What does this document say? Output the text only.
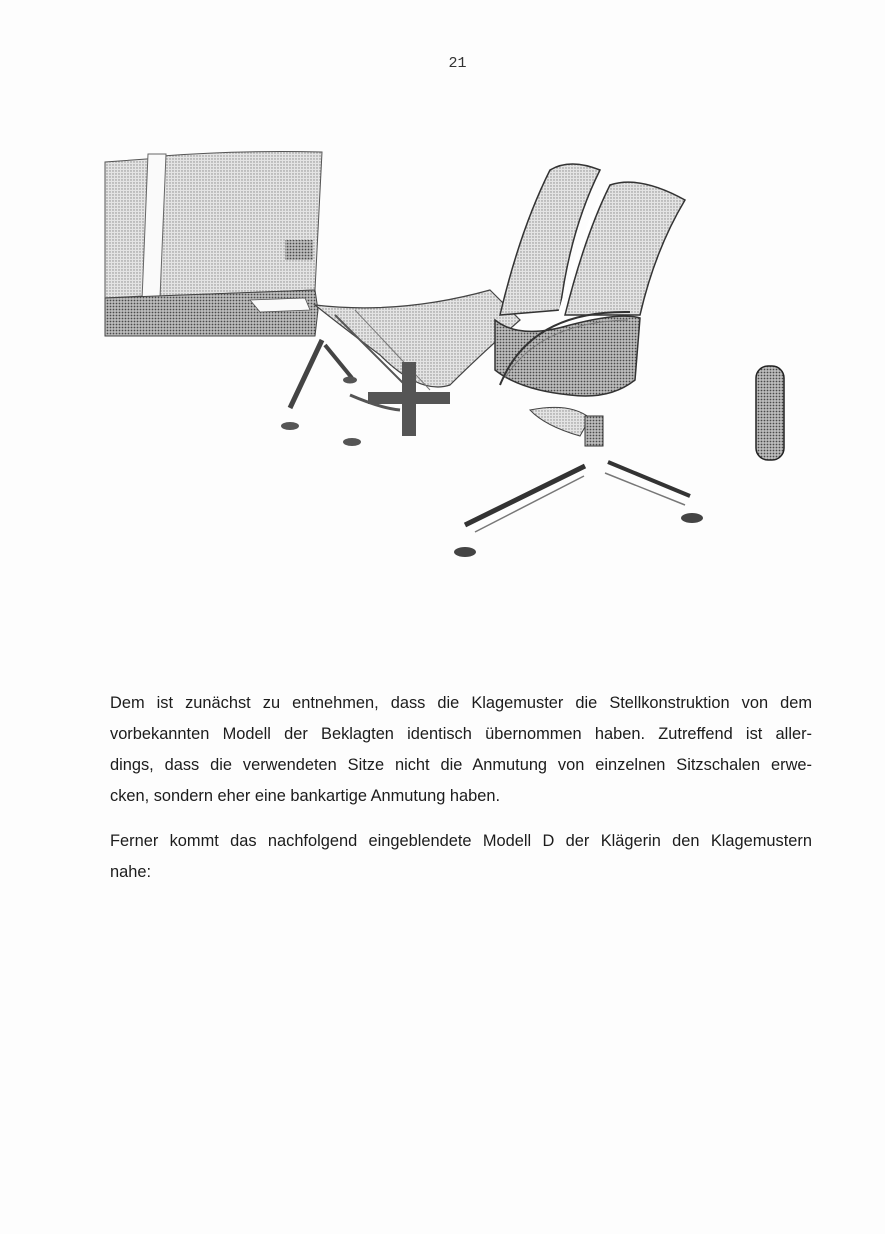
21
Dem ist zunächst zu entnehmen, dass die Klagemuster die Stellkonstruktion von dem
vorbekannten Modell der Beklagten identisch übernommen haben. Zutreffend ist aller-
dings, dass die verwendeten Sitze nicht die Anmutung von einzelnen Sitzschalen erwe-
cken, sondern eher eine bankartige Anmutung haben.
Ferner kommt das nachfolgend eingeblendete Modell D der Klägerin den Klagemustern
nahe:
